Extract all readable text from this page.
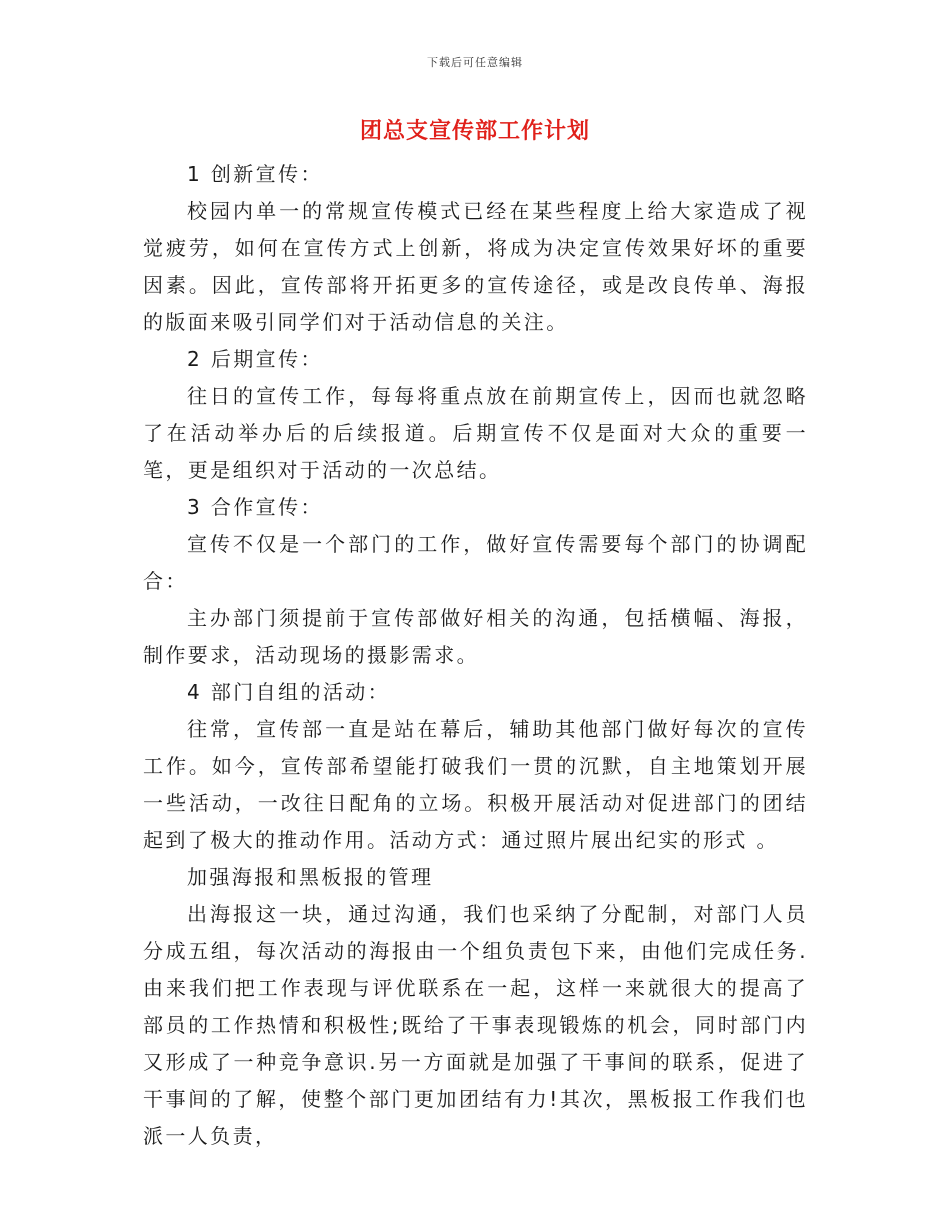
下载后可任意编辑
团总支宣传部工作计划

1 创新宣传：

校园内单一的常规宣传模式已经在某些程度上给大家造成了视觉疲劳，如何在宣传方式上创新，将成为决定宣传效果好坏的重要因素。因此，宣传部将开拓更多的宣传途径，或是改良传单、海报的版面来吸引同学们对于活动信息的关注。

2 后期宣传：

往日的宣传工作，每每将重点放在前期宣传上，因而也就忽略了在活动举办后的后续报道。后期宣传不仅是面对大众的重要一笔，更是组织对于活动的一次总结。

3 合作宣传：

宣传不仅是一个部门的工作，做好宣传需要每个部门的协调配合：

主办部门须提前于宣传部做好相关的沟通，包括横幅、海报，制作要求，活动现场的摄影需求。

4 部门自组的活动：

往常，宣传部一直是站在幕后，辅助其他部门做好每次的宣传工作。如今，宣传部希望能打破我们一贯的沉默，自主地策划开展一些活动，一改往日配角的立场。积极开展活动对促进部门的团结起到了极大的推动作用。活动方式：通过照片展出纪实的形式 。

加强海报和黑板报的管理

出海报这一块，通过沟通，我们也采纳了分配制，对部门人员分成五组，每次活动的海报由一个组负责包下来，由他们完成任务.由来我们把工作表现与评优联系在一起，这样一来就很大的提高了部员的工作热情和积极性;既给了干事表现锻炼的机会，同时部门内又形成了一种竞争意识.另一方面就是加强了干事间的联系，促进了干事间的了解，使整个部门更加团结有力!其次，黑板报工作我们也派一人负责，
